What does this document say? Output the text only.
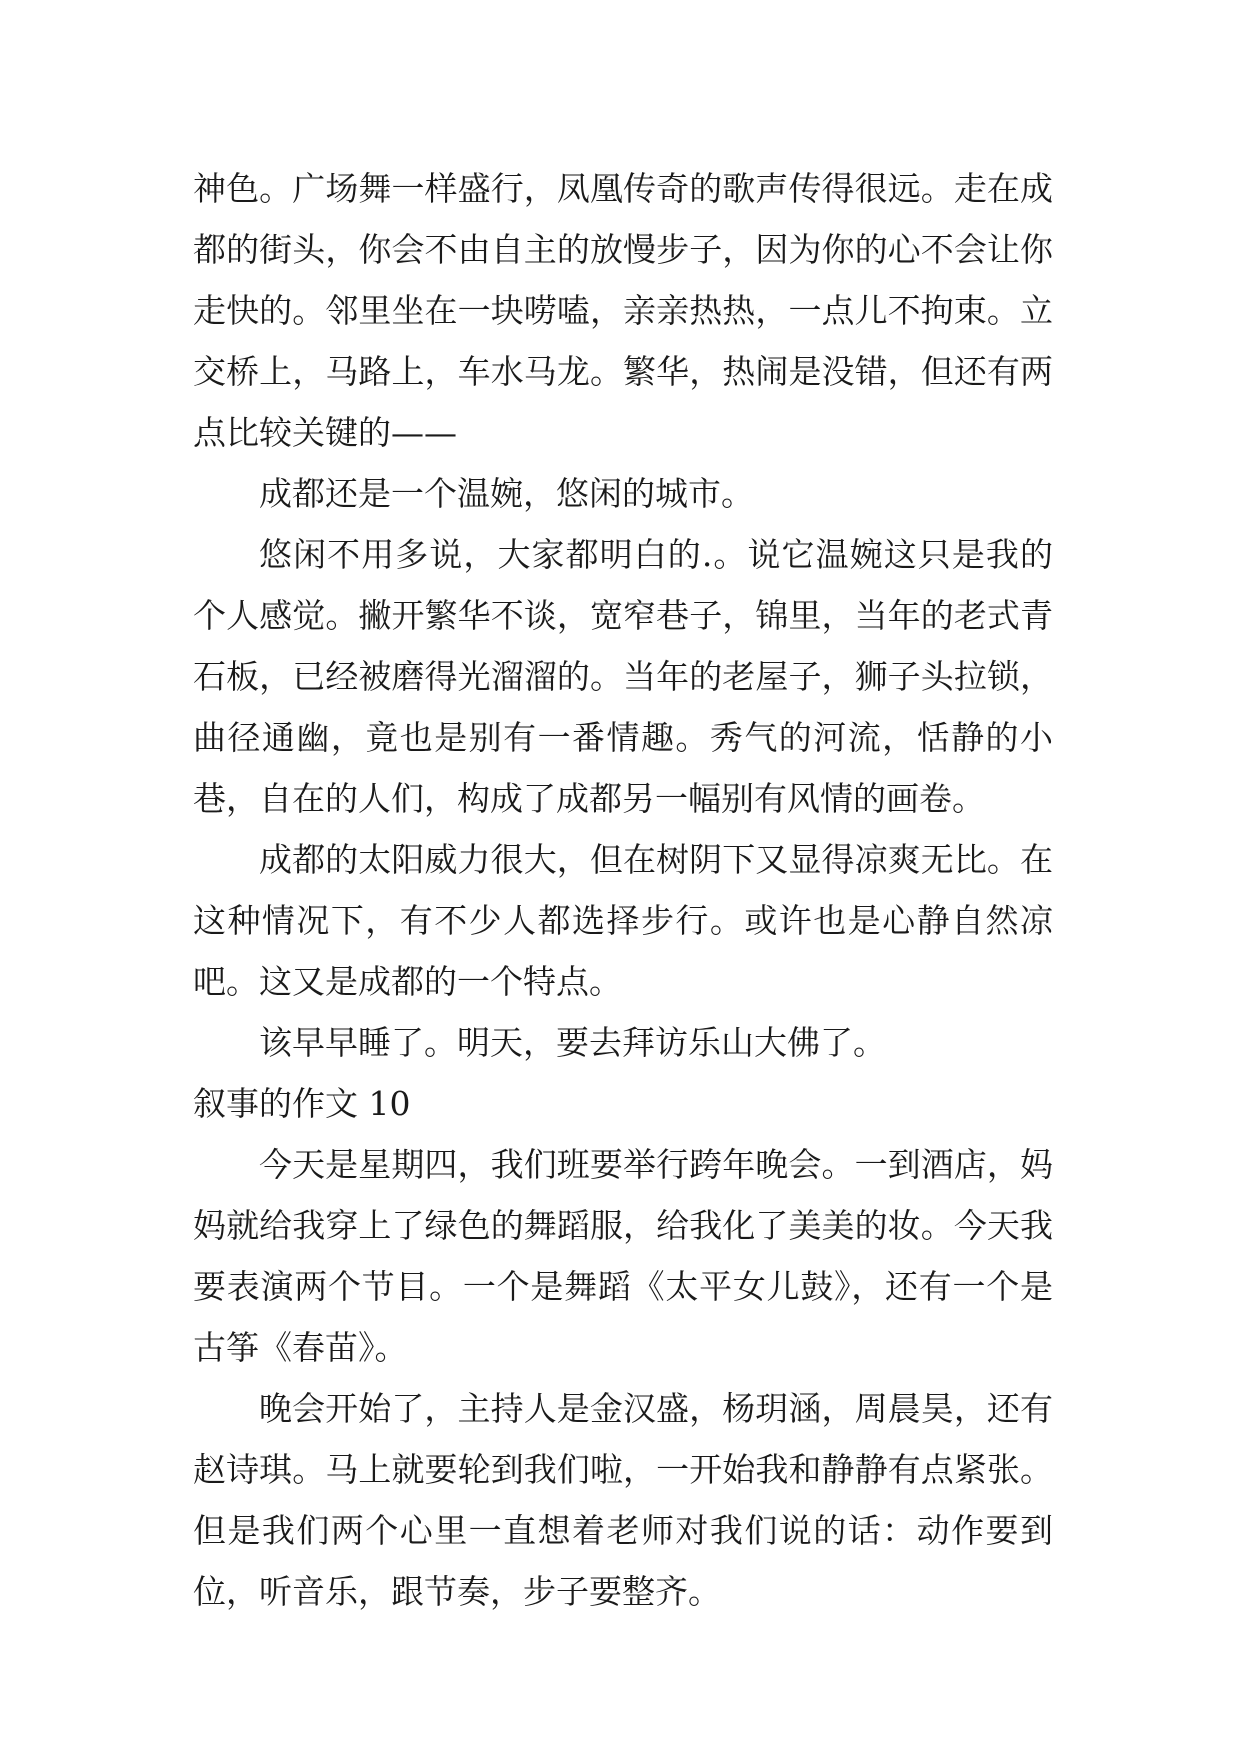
神色。广场舞一样盛行，凤凰传奇的歌声传得很远。走在成都的街头，你会不由自主的放慢步子，因为你的心不会让你走快的。邻里坐在一块唠嗑，亲亲热热，一点儿不拘束。立交桥上，马路上，车水马龙。繁华，热闹是没错，但还有两点比较关键的——

成都还是一个温婉，悠闲的城市。

悠闲不用多说，大家都明白的.。说它温婉这只是我的个人感觉。撇开繁华不谈，宽窄巷子，锦里，当年的老式青石板，已经被磨得光溜溜的。当年的老屋子，狮子头拉锁，曲径通幽，竟也是别有一番情趣。秀气的河流，恬静的小巷，自在的人们，构成了成都另一幅别有风情的画卷。

成都的太阳威力很大，但在树阴下又显得凉爽无比。在这种情况下，有不少人都选择步行。或许也是心静自然凉吧。这又是成都的一个特点。

该早早睡了。明天，要去拜访乐山大佛了。

叙事的作文 10

今天是星期四，我们班要举行跨年晚会。一到酒店，妈妈就给我穿上了绿色的舞蹈服，给我化了美美的妆。今天我要表演两个节目。一个是舞蹈《太平女儿鼓》，还有一个是古筝《春苗》。

晚会开始了，主持人是金汉盛，杨玥涵，周晨昊，还有赵诗琪。马上就要轮到我们啦，一开始我和静静有点紧张。但是我们两个心里一直想着老师对我们说的话：动作要到位，听音乐，跟节奏，步子要整齐。
